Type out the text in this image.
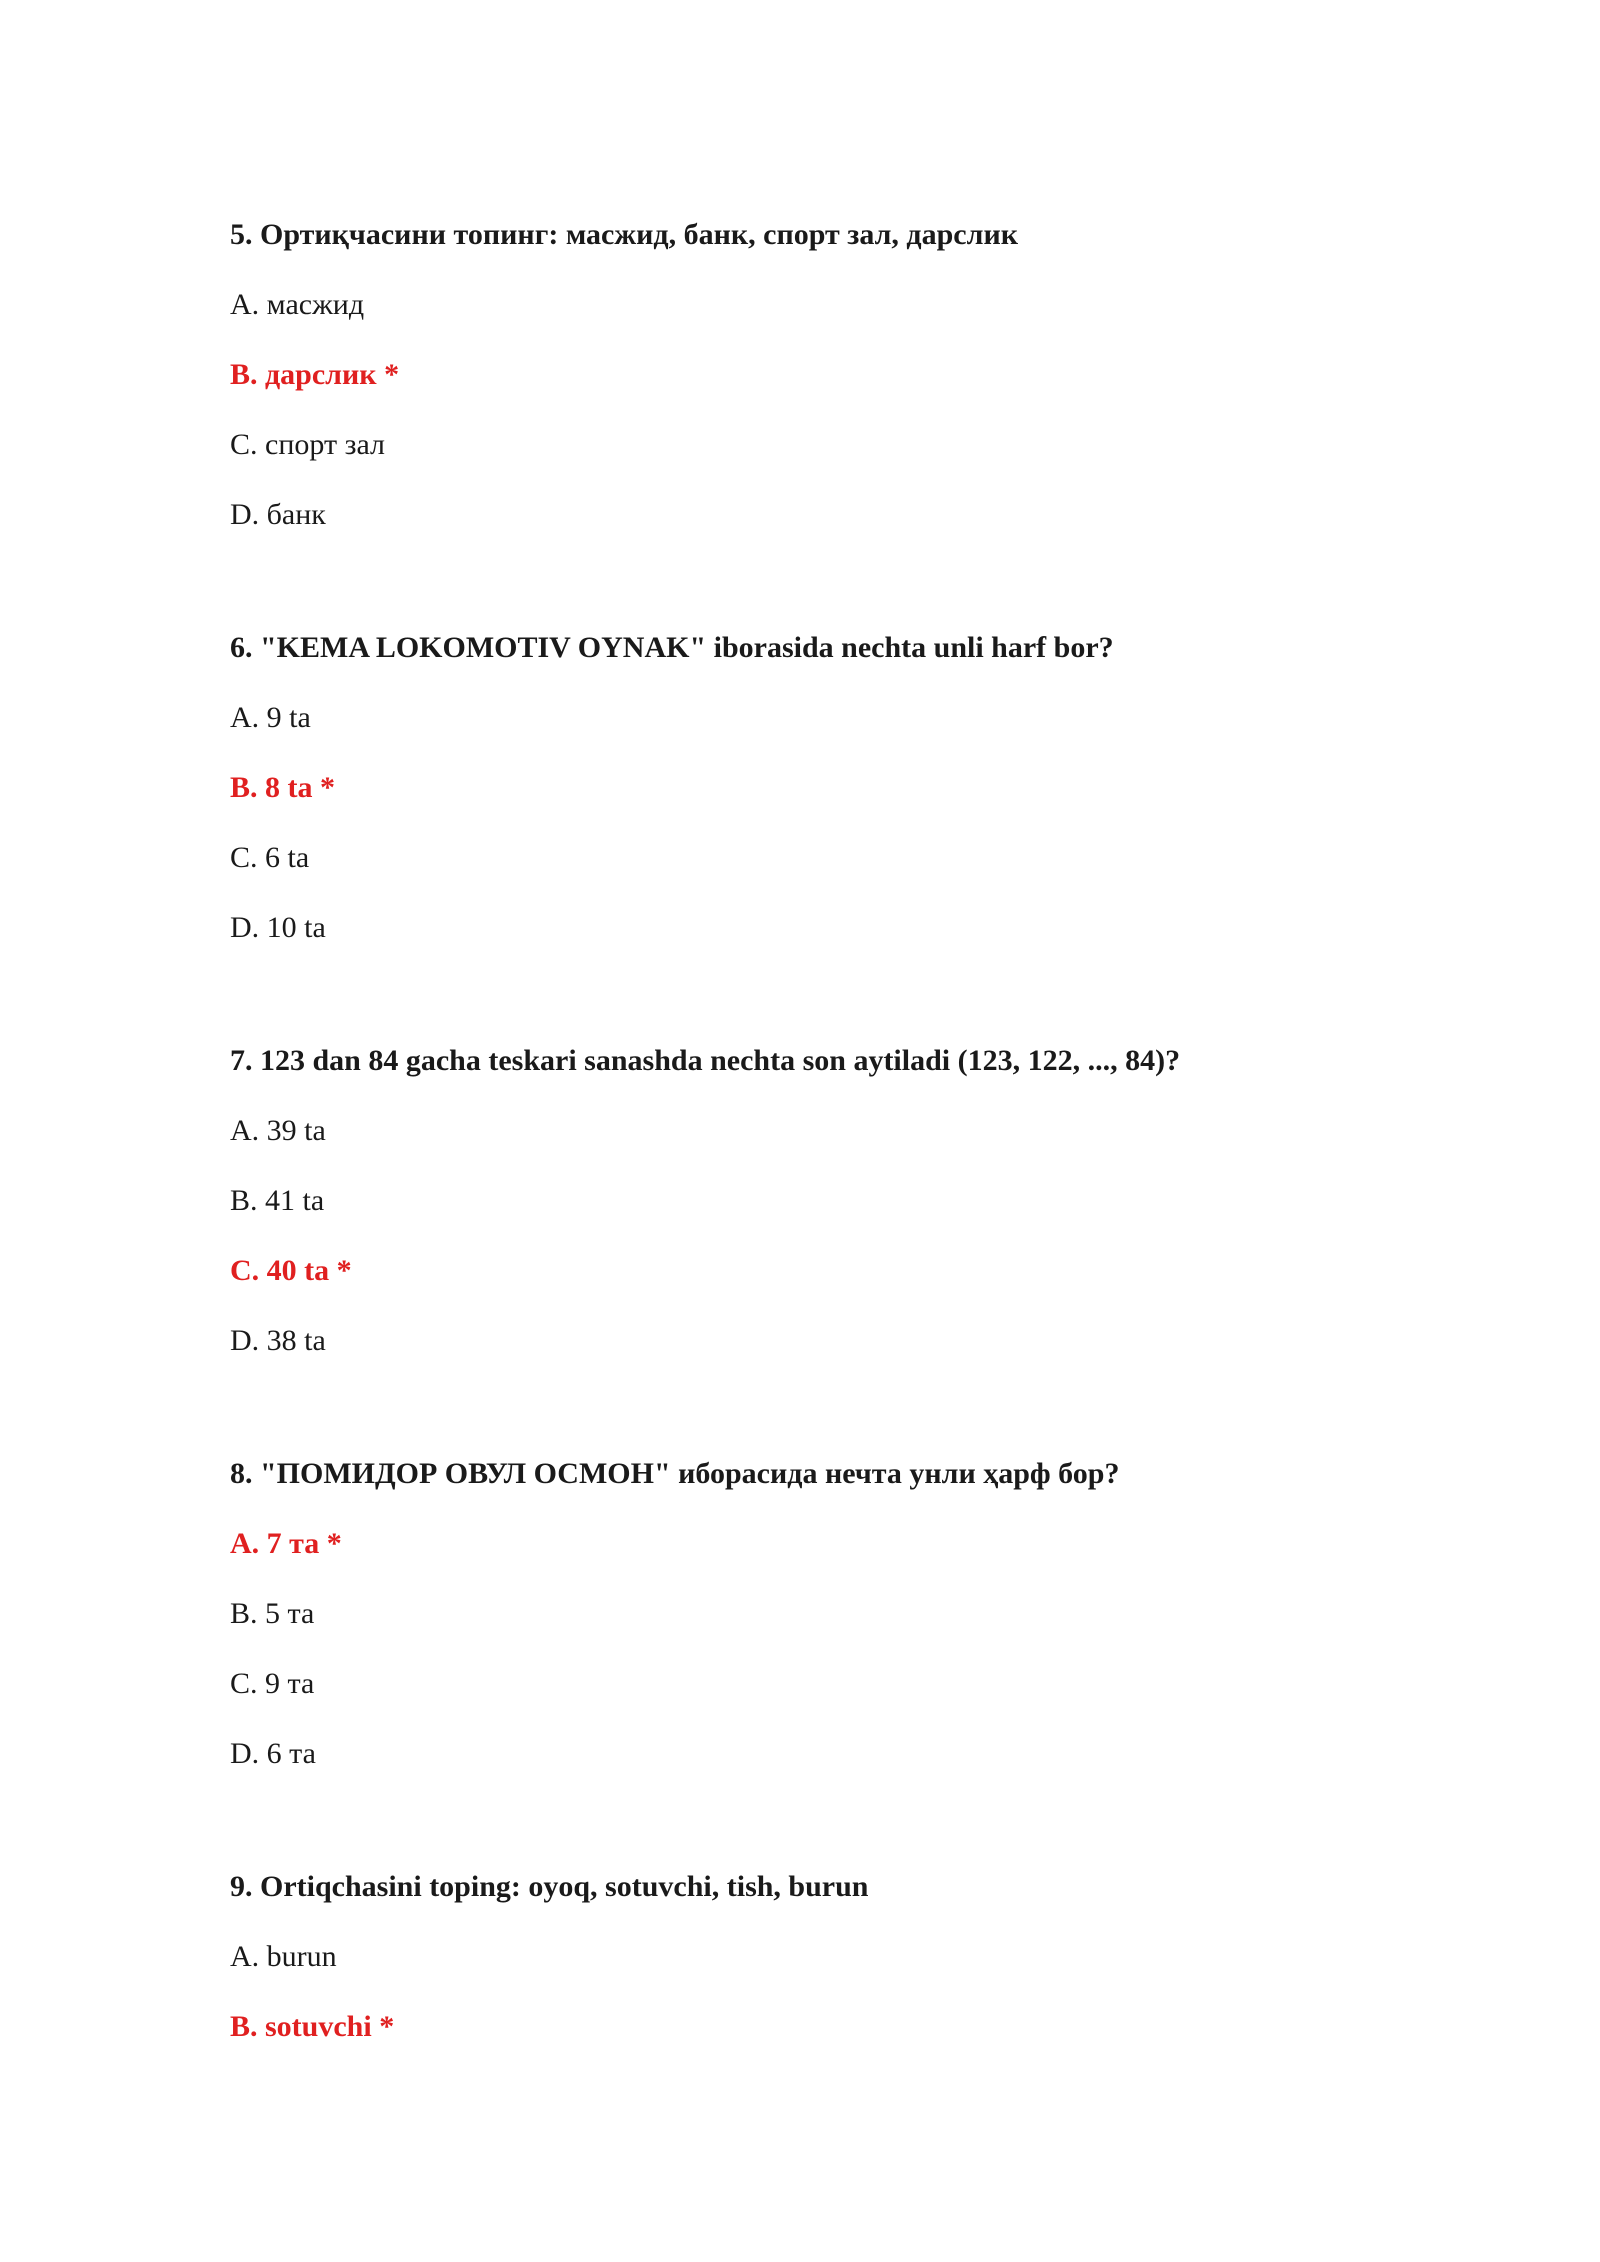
5. Ортиқчасини топинг: масжид, банк, спорт зал, дарслик
A. масжид
B. дарслик *
C. спорт зал
D. банк
6. "KEMA LOKOMOTIV OYNAK" iborasida nechta unli harf bor?
A. 9 ta
B. 8 ta *
C. 6 ta
D. 10 ta
7. 123 dan 84 gacha teskari sanashda nechta son aytiladi (123, 122, ..., 84)?
A. 39 ta
B. 41 ta
C. 40 ta *
D. 38 ta
8. "ПОМИДОР ОВУЛ ОСМОН" иборасида нечта унли ҳарф бор?
A. 7 та *
B. 5 та
C. 9 та
D. 6 та
9. Ortiqchasini toping: oyoq, sotuvchi, tish, burun
A. burun
B. sotuvchi *
